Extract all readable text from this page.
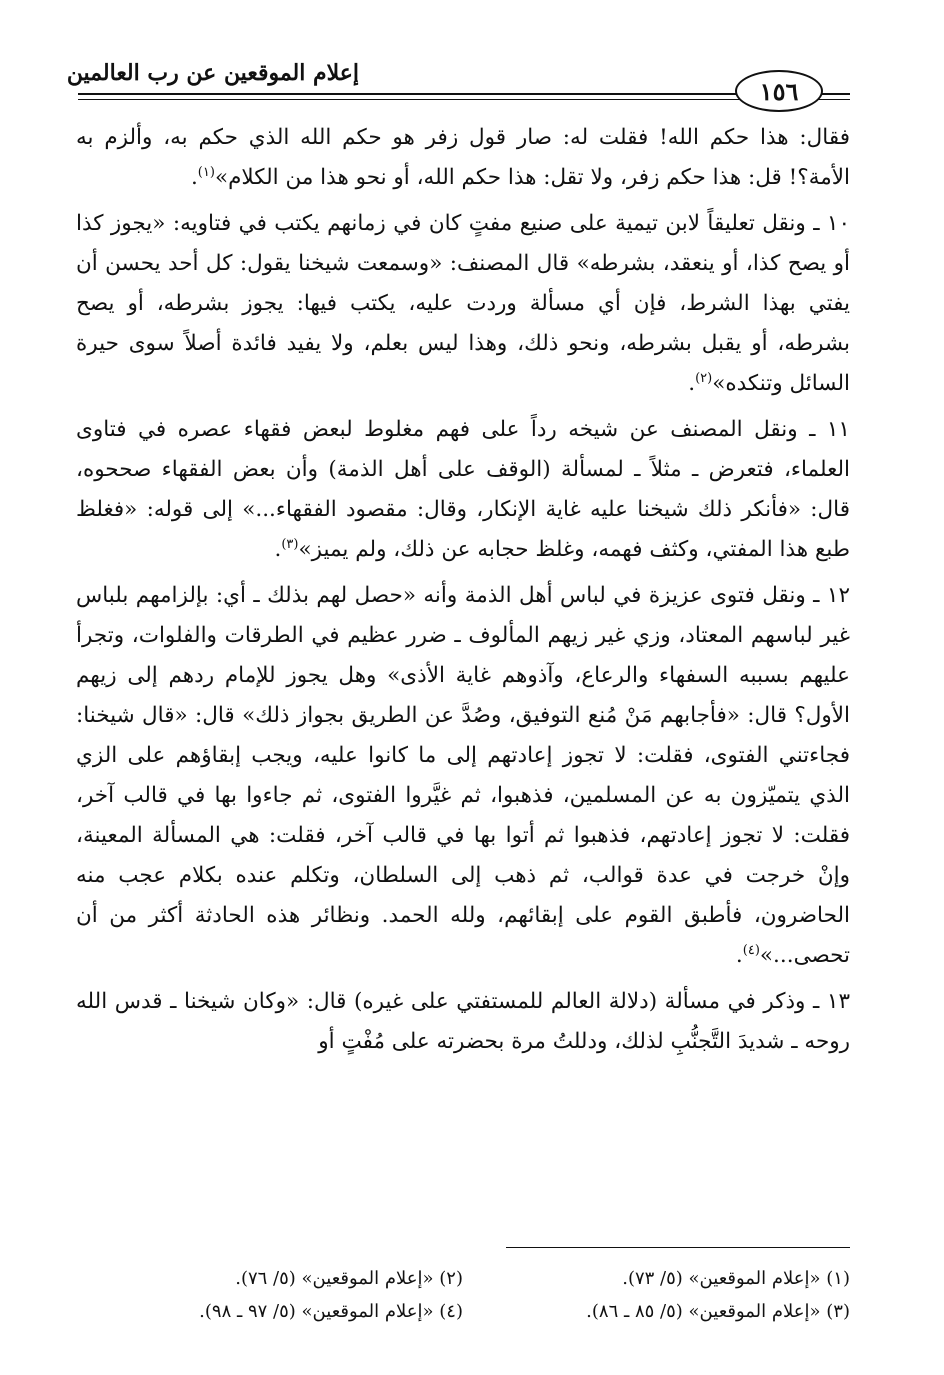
إعلام الموقعين عن رب العالمين
١٥٦

فقال: هذا حكم الله! فقلت له: صار قول زفر هو حكم الله الذي حكم به، وألزم به الأمة؟! قل: هذا حكم زفر، ولا تقل: هذا حكم الله، أو نحو هذا من الكلام»$^{(١)}$.

١٠ ـ ونقل تعليقاً لابن تيمية على صنيع مفتٍ كان في زمانهم يكتب في فتاويه: «يجوز كذا أو يصح كذا، أو ينعقد، بشرطه» قال المصنف: «وسمعت شيخنا يقول: كل أحد يحسن أن يفتي بهذا الشرط، فإن أي مسألة وردت عليه، يكتب فيها: يجوز بشرطه، أو يصح بشرطه، أو يقبل بشرطه، ونحو ذلك، وهذا ليس بعلم، ولا يفيد فائدة أصلاً سوى حيرة السائل وتنكده»$^{(٢)}$.

١١ ـ ونقل المصنف عن شيخه رداً على فهم مغلوط لبعض فقهاء عصره في فتاوى العلماء، فتعرض ـ مثلاً ـ لمسألة (الوقف على أهل الذمة) وأن بعض الفقهاء صححوه، قال: «فأنكر ذلك شيخنا عليه غاية الإنكار، وقال: مقصود الفقهاء...» إلى قوله: «فغلظ طبع هذا المفتي، وكثف فهمه، وغلظ حجابه عن ذلك، ولم يميز»$^{(٣)}$.

١٢ ـ ونقل فتوى عزيزة في لباس أهل الذمة وأنه «حصل لهم بذلك ـ أي: بإلزامهم بلباس غير لباسهم المعتاد، وزي غير زيهم المألوف ـ ضرر عظيم في الطرقات والفلوات، وتجرأ عليهم بسببه السفهاء والرعاع، وآذوهم غاية الأذى» وهل يجوز للإمام ردهم إلى زيهم الأول؟ قال: «فأجابهم مَنْ مُنع التوفيق، وصُدَّ عن الطريق بجواز ذلك» قال: «قال شيخنا: فجاءتني الفتوى، فقلت: لا تجوز إعادتهم إلى ما كانوا عليه، ويجب إبقاؤهم على الزي الذي يتميّزون به عن المسلمين، فذهبوا، ثم غيَّروا الفتوى، ثم جاءوا بها في قالب آخر، فقلت: لا تجوز إعادتهم، فذهبوا ثم أتوا بها في قالب آخر، فقلت: هي المسألة المعينة، وإنْ خرجت في عدة قوالب، ثم ذهب إلى السلطان، وتكلم عنده بكلام عجب منه الحاضرون، فأطبق القوم على إبقائهم، ولله الحمد. ونظائر هذه الحادثة أكثر من أن تحصى...»$^{(٤)}$.

١٣ ـ وذكر في مسألة (دلالة العالم للمستفتي على غيره) قال: «وكان شيخنا ـ قدس الله روحه ـ شديدَ التَّجنُّبِ لذلك، ودللتُ مرة بحضرته على مُفْتٍ أو

(١) «إعلام الموقعين» (٥/ ٧٣).
(٢) «إعلام الموقعين» (٥/ ٧٦).
(٣) «إعلام الموقعين» (٥/ ٨٥ ـ ٨٦).
(٤) «إعلام الموقعين» (٥/ ٩٧ ـ ٩٨).
